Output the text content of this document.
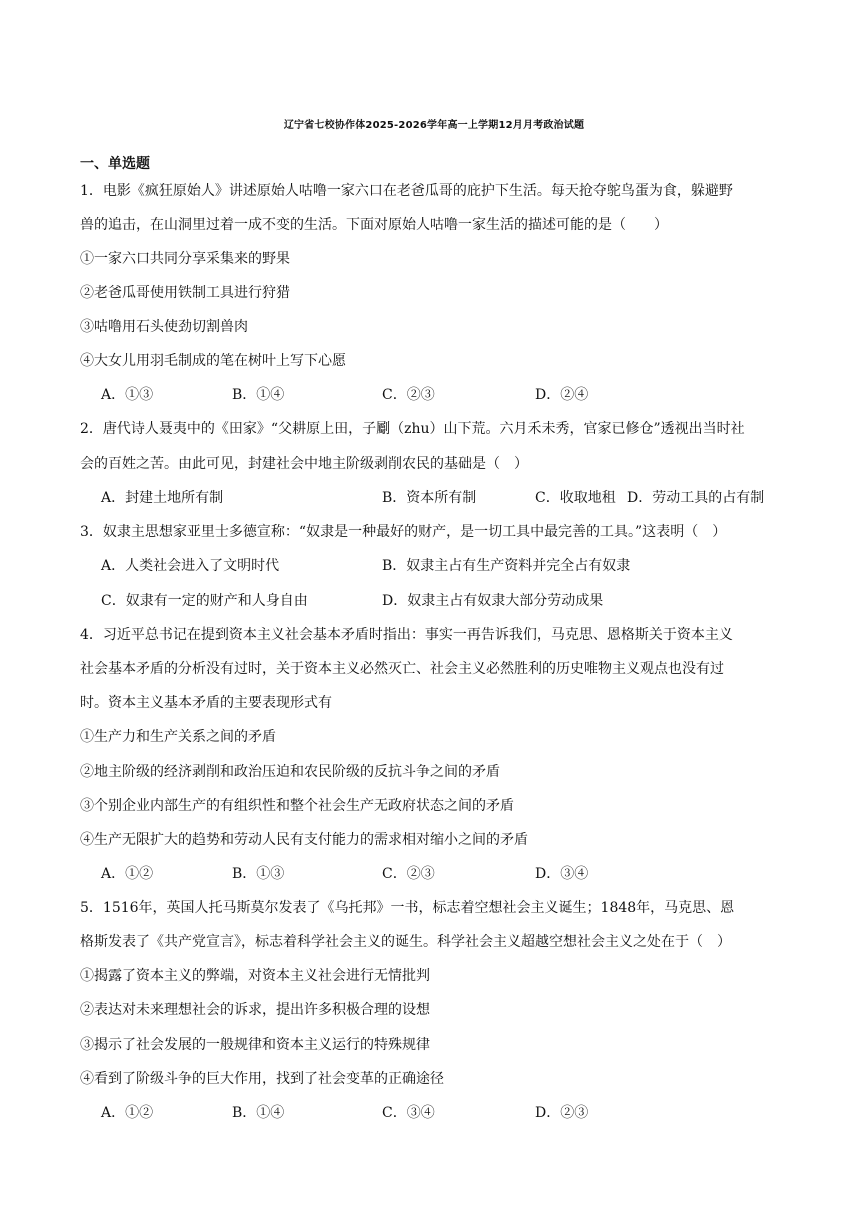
辽宁省七校协作体2025-2026学年高一上学期12月月考政治试题
一、单选题
1．电影《疯狂原始人》讲述原始人咕噜一家六口在老爸瓜哥的庇护下生活。每天抢夺鸵鸟蛋为食，躲避野
兽的追击，在山洞里过着一成不变的生活。下面对原始人咕噜一家生活的描述可能的是（　　）
①一家六口共同分享采集来的野果
②老爸瓜哥使用铁制工具进行狩猎
③咕噜用石头使劲切割兽肉
④大女儿用羽毛制成的笔在树叶上写下心愿
A．①③	B．①④	C．②③	D．②④
2．唐代诗人聂夷中的《田家》“父耕原上田，子劚（zhu）山下荒。六月禾未秀，官家已修仓”透视出当时社
会的百姓之苦。由此可见，封建社会中地主阶级剥削农民的基础是（　）
A．封建土地所有制	B．资本所有制	C．收取地租 D．劳动工具的占有制
3．奴隶主思想家亚里士多德宣称：“奴隶是一种最好的财产，是一切工具中最完善的工具。”这表明（　）
A．人类社会进入了文明时代	B．奴隶主占有生产资料并完全占有奴隶
C．奴隶有一定的财产和人身自由	D．奴隶主占有奴隶大部分劳动成果
4．习近平总书记在提到资本主义社会基本矛盾时指出：事实一再告诉我们，马克思、恩格斯关于资本主义
社会基本矛盾的分析没有过时，关于资本主义必然灭亡、社会主义必然胜利的历史唯物主义观点也没有过
时。资本主义基本矛盾的主要表现形式有
①生产力和生产关系之间的矛盾
②地主阶级的经济剥削和政治压迫和农民阶级的反抗斗争之间的矛盾
③个别企业内部生产的有组织性和整个社会生产无政府状态之间的矛盾
④生产无限扩大的趋势和劳动人民有支付能力的需求相对缩小之间的矛盾
A．①②	B．①③	C．②③	D．③④
5．1516年，英国人托马斯莫尔发表了《乌托邦》一书，标志着空想社会主义诞生；1848年，马克思、恩
格斯发表了《共产党宣言》，标志着科学社会主义的诞生。科学社会主义超越空想社会主义之处在于（　）
①揭露了资本主义的弊端，对资本主义社会进行无情批判
②表达对未来理想社会的诉求，提出许多积极合理的设想
③揭示了社会发展的一般规律和资本主义运行的特殊规律
④看到了阶级斗争的巨大作用，找到了社会变革的正确途径
A．①②	B．①④	C．③④	D．②③
